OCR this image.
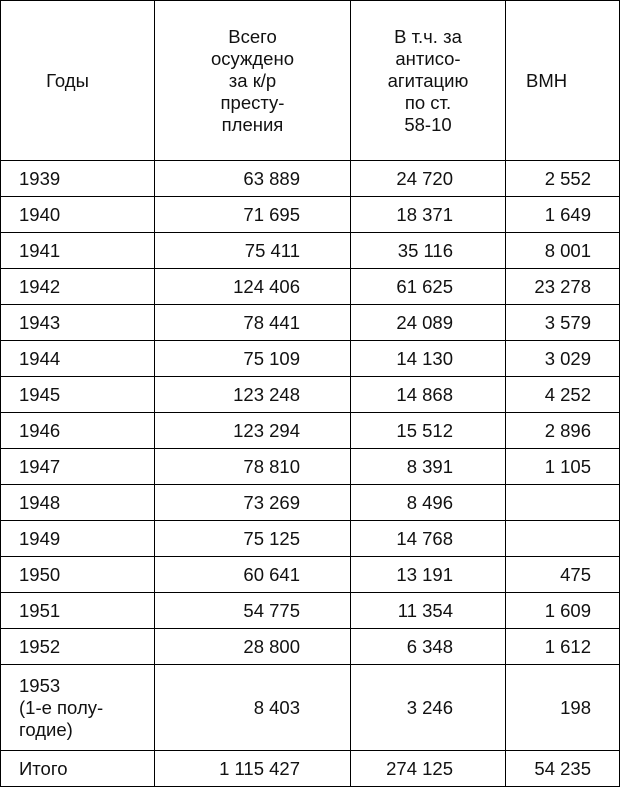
Годы	Всего
осуждено
за к/р
престу-
пления	В т.ч. за
антисо-
агитацию
по ст.
58-10	ВМН
1939	63 889	24 720	2 552
1940	71 695	18 371	1 649
1941	75 411	35 116	8 001
1942	124 406	61 625	23 278
1943	78 441	24 089	3 579
1944	75 109	14 130	3 029
1945	123 248	14 868	4 252
1946	123 294	15 512	2 896
1947	78 810	8 391	1 105
1948	73 269	8 496	
1949	75 125	14 768	
1950	60 641	13 191	475
1951	54 775	11 354	1 609
1952	28 800	6 348	1 612
1953
(1-е полу-
годие)	8 403	3 246	198
Итого	1 115 427	274 125	54 235
